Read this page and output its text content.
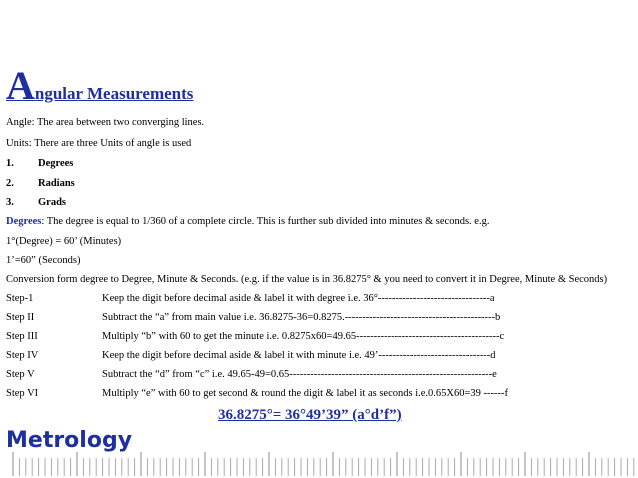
Angular Measurements
Angle: The area between two converging lines.
Units: There are three Units of angle is used
1. Degrees
2. Radians
3. Grads
Degrees: The degree is equal to 1/360 of a complete circle. This is further sub divided into minutes & seconds. e.g.
1°(Degree) = 60’ (Minutes)
1’=60” (Seconds)
Conversion form degree to Degree, Minute & Seconds. (e.g. if the value is in 36.8275° & you need to convert it in Degree, Minute & Seconds)
Step-1	Keep the digit before decimal aside & label it with degree i.e. 36°--------------------------------a
Step II	Subtract the “a” from main value i.e. 36.8275-36=0.8275.-------------------------------------------b
Step III	Multiply “b” with 60 to get the minute i.e. 0.8275x60=49.65-----------------------------------------c
Step IV	Keep the digit before decimal aside & label it with minute i.e. 49’--------------------------------d
Step V	Subtract the “d” from “c” i.e. 49.65-49=0.65----------------------------------------------------------e
Step VI	Multiply “e” with 60 to get second & round the digit & label it as seconds i.e.0.65X60=39 ------f
36.8275°= 36°49’39” (a°d’f”)
Metrology
